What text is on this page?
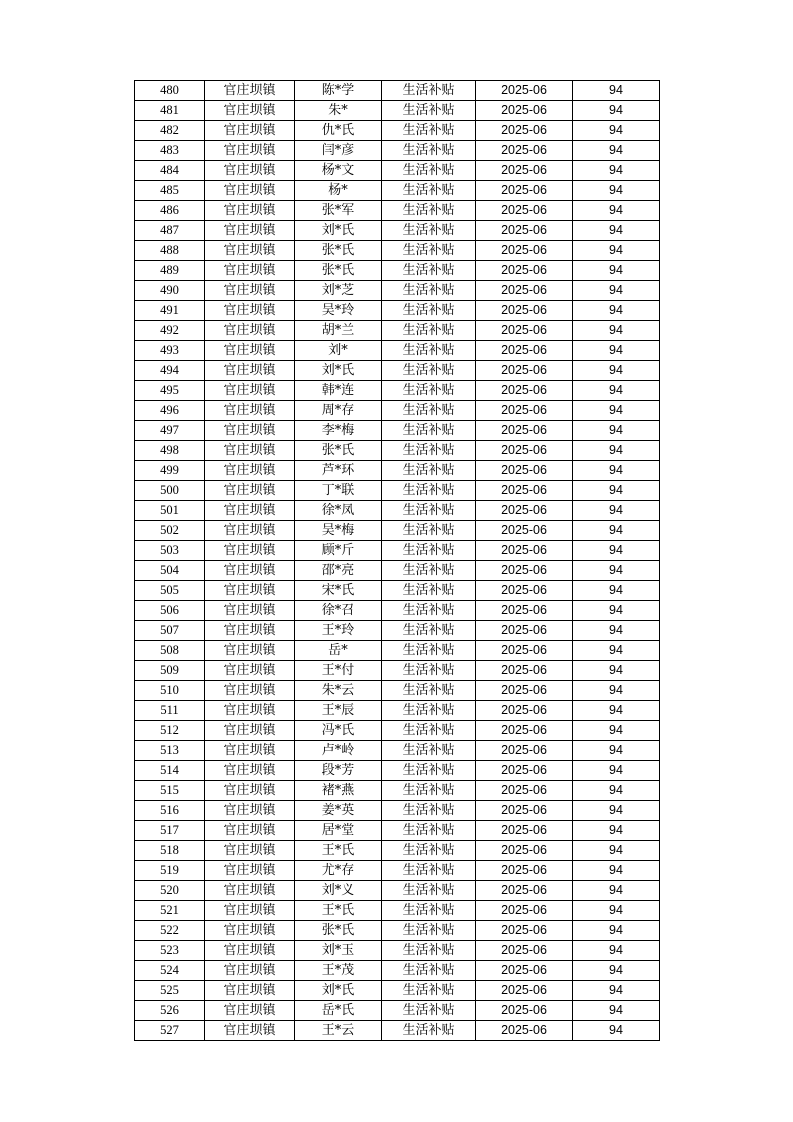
480	官庄坝镇	陈*学	生活补贴	2025-06	94
481	官庄坝镇	朱*	生活补贴	2025-06	94
482	官庄坝镇	仇*氏	生活补贴	2025-06	94
483	官庄坝镇	闫*彦	生活补贴	2025-06	94
484	官庄坝镇	杨*文	生活补贴	2025-06	94
485	官庄坝镇	杨*	生活补贴	2025-06	94
486	官庄坝镇	张*军	生活补贴	2025-06	94
487	官庄坝镇	刘*氏	生活补贴	2025-06	94
488	官庄坝镇	张*氏	生活补贴	2025-06	94
489	官庄坝镇	张*氏	生活补贴	2025-06	94
490	官庄坝镇	刘*芝	生活补贴	2025-06	94
491	官庄坝镇	吴*玲	生活补贴	2025-06	94
492	官庄坝镇	胡*兰	生活补贴	2025-06	94
493	官庄坝镇	刘*	生活补贴	2025-06	94
494	官庄坝镇	刘*氏	生活补贴	2025-06	94
495	官庄坝镇	韩*连	生活补贴	2025-06	94
496	官庄坝镇	周*存	生活补贴	2025-06	94
497	官庄坝镇	李*梅	生活补贴	2025-06	94
498	官庄坝镇	张*氏	生活补贴	2025-06	94
499	官庄坝镇	芦*环	生活补贴	2025-06	94
500	官庄坝镇	丁*联	生活补贴	2025-06	94
501	官庄坝镇	徐*凤	生活补贴	2025-06	94
502	官庄坝镇	吴*梅	生活补贴	2025-06	94
503	官庄坝镇	顾*斤	生活补贴	2025-06	94
504	官庄坝镇	邵*亮	生活补贴	2025-06	94
505	官庄坝镇	宋*氏	生活补贴	2025-06	94
506	官庄坝镇	徐*召	生活补贴	2025-06	94
507	官庄坝镇	王*玲	生活补贴	2025-06	94
508	官庄坝镇	岳*	生活补贴	2025-06	94
509	官庄坝镇	王*付	生活补贴	2025-06	94
510	官庄坝镇	朱*云	生活补贴	2025-06	94
511	官庄坝镇	王*辰	生活补贴	2025-06	94
512	官庄坝镇	冯*氏	生活补贴	2025-06	94
513	官庄坝镇	卢*岭	生活补贴	2025-06	94
514	官庄坝镇	段*芳	生活补贴	2025-06	94
515	官庄坝镇	褚*燕	生活补贴	2025-06	94
516	官庄坝镇	姜*英	生活补贴	2025-06	94
517	官庄坝镇	居*堂	生活补贴	2025-06	94
518	官庄坝镇	王*氏	生活补贴	2025-06	94
519	官庄坝镇	尤*存	生活补贴	2025-06	94
520	官庄坝镇	刘*义	生活补贴	2025-06	94
521	官庄坝镇	王*氏	生活补贴	2025-06	94
522	官庄坝镇	张*氏	生活补贴	2025-06	94
523	官庄坝镇	刘*玉	生活补贴	2025-06	94
524	官庄坝镇	王*茂	生活补贴	2025-06	94
525	官庄坝镇	刘*氏	生活补贴	2025-06	94
526	官庄坝镇	岳*氏	生活补贴	2025-06	94
527	官庄坝镇	王*云	生活补贴	2025-06	94
